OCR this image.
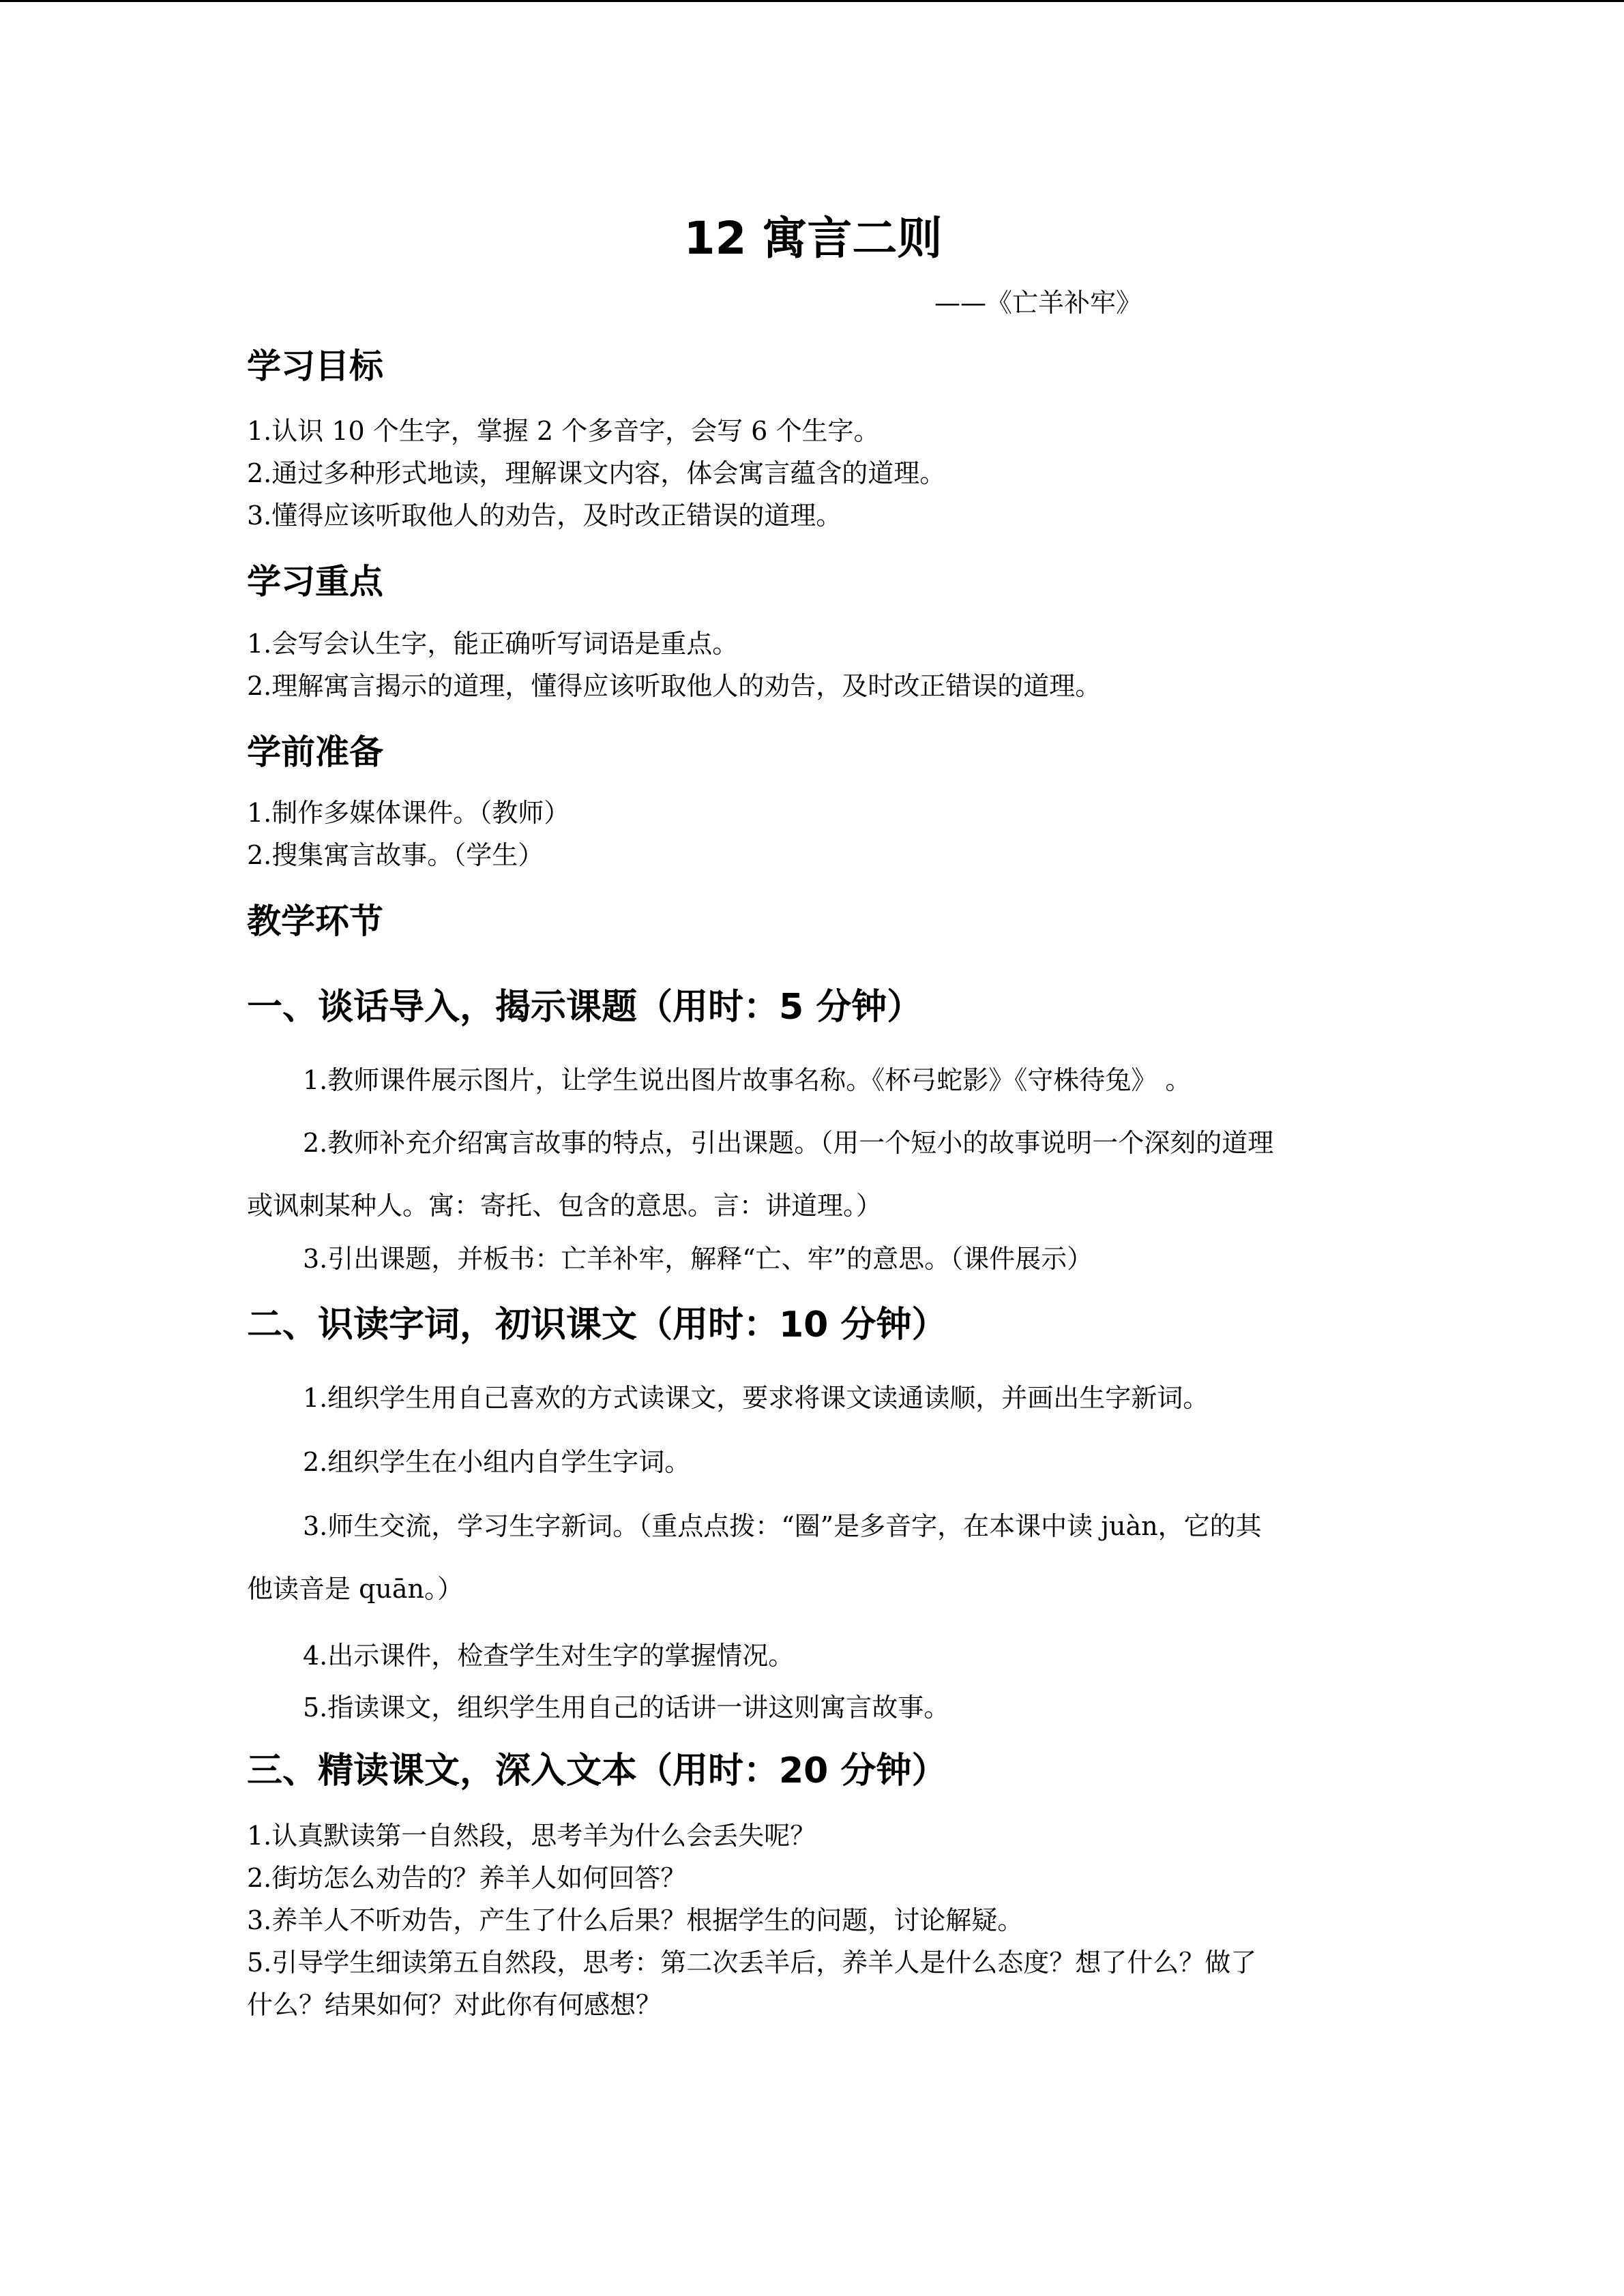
12 寓言二则

——《亡羊补牢》

学习目标

1.认识 10 个生字，掌握 2 个多音字，会写 6 个生字。

2.通过多种形式地读，理解课文内容，体会寓言蕴含的道理。

3.懂得应该听取他人的劝告，及时改正错误的道理。

学习重点

1.会写会认生字，能正确听写词语是重点。

2.理解寓言揭示的道理，懂得应该听取他人的劝告，及时改正错误的道理。

学前准备

1.制作多媒体课件。（教师）

2.搜集寓言故事。（学生）

教学环节
一、谈话导入，揭示课题（用时：5 分钟）

1.教师课件展示图片，让学生说出图片故事名称。《杯弓蛇影》《守株待兔》 。

2.教师补充介绍寓言故事的特点，引出课题。（用一个短小的故事说明一个深刻的道理

或讽刺某种人。寓：寄托、包含的意思。言：讲道理。）

3.引出课题，并板书：亡羊补牢，解释“亡、牢”的意思。（课件展示）

二、识读字词，初识课文（用时：10 分钟）

1.组织学生用自己喜欢的方式读课文，要求将课文读通读顺，并画出生字新词。

2.组织学生在小组内自学生字词。

3.师生交流，学习生字新词。（重点点拨：“圈”是多音字，在本课中读 juàn，它的其

他读音是 quān。）

4.出示课件，检查学生对生字的掌握情况。

5.指读课文，组织学生用自己的话讲一讲这则寓言故事。

三、精读课文，深入文本（用时：20 分钟）

1.认真默读第一自然段，思考羊为什么会丢失呢？

2.街坊怎么劝告的？养羊人如何回答？

3.养羊人不听劝告，产生了什么后果？根据学生的问题，讨论解疑。

5.引导学生细读第五自然段，思考：第二次丢羊后，养羊人是什么态度？想了什么？做了

什么？结果如何？对此你有何感想？
